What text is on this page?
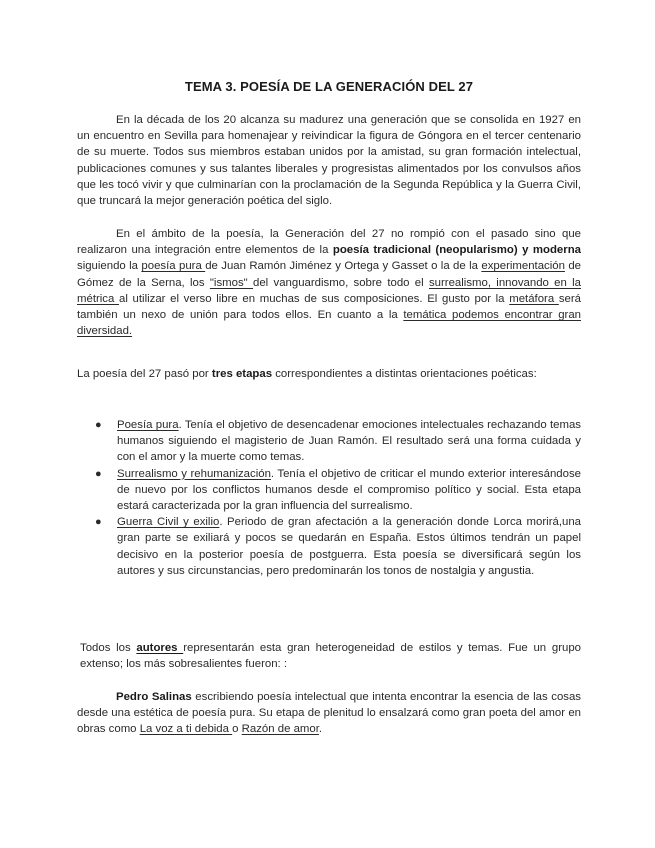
TEMA 3. POESÍA DE LA GENERACIÓN DEL 27

En la década de los 20 alcanza su madurez una generación que se consolida en 1927 en un encuentro en Sevilla para homenajear y reivindicar la figura de Góngora en el tercer centenario de su muerte. Todos sus miembros estaban unidos por la amistad, su gran formación intelectual, publicaciones comunes y sus talantes liberales y progresistas alimentados por los convulsos años que les tocó vivir y que culminarían con la proclamación de la Segunda República y la Guerra Civil, que truncará la mejor generación poética del siglo.

En el ámbito de la poesía, la Generación del 27 no rompió con el pasado sino que realizaron una integración entre elementos de la poesía tradicional (neopularismo) y moderna siguiendo la poesía pura de Juan Ramón Jiménez y Ortega y Gasset o la de la experimentación de Gómez de la Serna, los "ismos" del vanguardismo, sobre todo el surrealismo, innovando en la métrica al utilizar el verso libre en muchas de sus composiciones. El gusto por la metáfora será también un nexo de unión para todos ellos. En cuanto a la temática podemos encontrar gran diversidad.

La poesía del 27 pasó por tres etapas correspondientes a distintas orientaciones poéticas:

● Poesía pura. Tenía el objetivo de desencadenar emociones intelectuales rechazando temas humanos siguiendo el magisterio de Juan Ramón. El resultado será una forma cuidada y con el amor y la muerte como temas.
● Surrealismo y rehumanización. Tenía el objetivo de criticar el mundo exterior interesándose de nuevo por los conflictos humanos desde el compromiso político y social. Esta etapa estará caracterizada por la gran influencia del surrealismo.
● Guerra Civil y exilio. Periodo de gran afectación a la generación donde Lorca morirá,una gran parte se exiliará y pocos se quedarán en España. Estos últimos tendrán un papel decisivo en la posterior poesía de postguerra. Esta poesía se diversificará según los autores y sus circunstancias, pero predominarán los tonos de nostalgia y angustia.

Todos los autores representarán esta gran heterogeneidad de estilos y temas. Fue un grupo extenso; los más sobresalientes fueron: :

Pedro Salinas escribiendo poesía intelectual que intenta encontrar la esencia de las cosas desde una estética de poesía pura. Su etapa de plenitud lo ensalzará como gran poeta del amor en obras como La voz a ti debida o Razón de amor.
